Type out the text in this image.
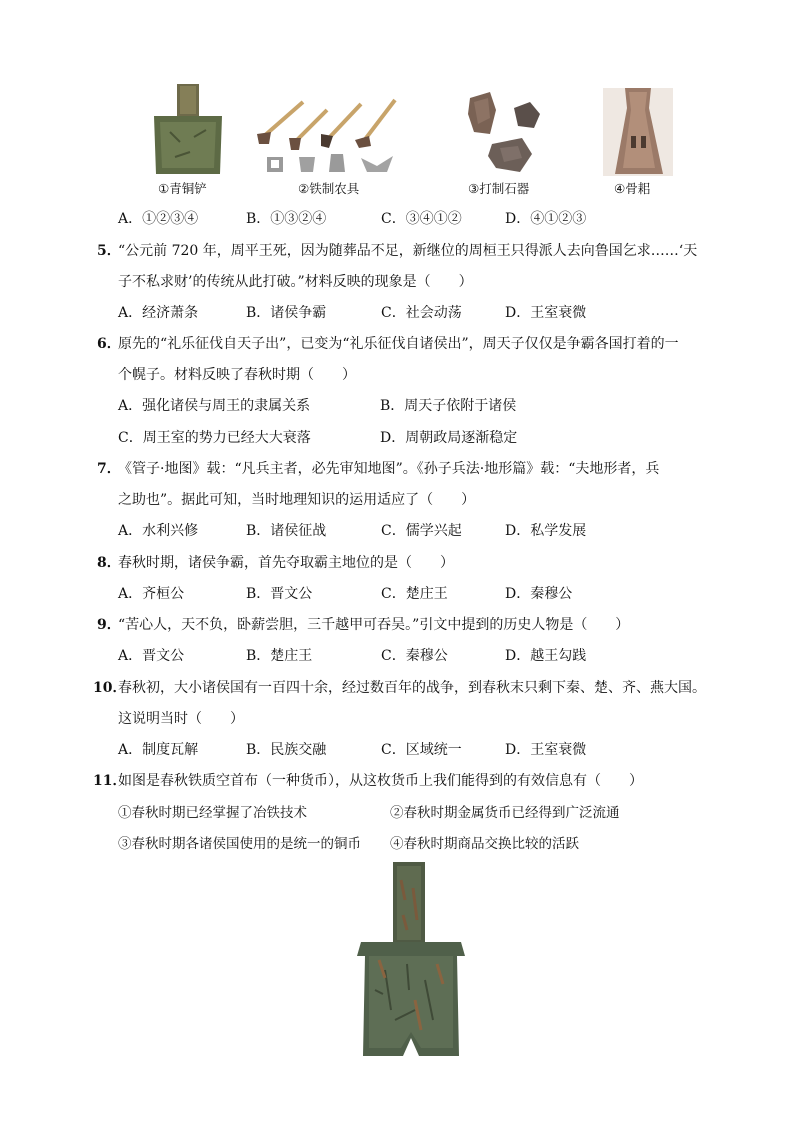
①青铜铲	②铁制农具	③打制石器	④骨耜
A．①②③④	B．①③②④	C．③④①②	D．④①②③
5．
“公元前 720 年，周平王死，因为随葬品不足，新继位的周桓王只得派人去向鲁国乞求……‘天
子不私求财’的传统从此打破。”材料反映的现象是（　　）
A．经济萧条	B．诸侯争霸	C．社会动荡	D．王室衰微
6．
原先的“礼乐征伐自天子出”，已变为“礼乐征伐自诸侯出”，周天子仅仅是争霸各国打着的一
个幌子。材料反映了春秋时期（　　）
A．强化诸侯与周王的隶属关系	B．周天子依附于诸侯
C．周王室的势力已经大大衰落	D．周朝政局逐渐稳定
7．
《管子·地图》载：“凡兵主者，必先审知地图”。《孙子兵法·地形篇》载：“夫地形者，兵
之助也”。据此可知，当时地理知识的运用适应了（　　）
A．水利兴修	B．诸侯征战	C．儒学兴起	D．私学发展
8．
春秋时期，诸侯争霸，首先夺取霸主地位的是（　　）
A．齐桓公	B．晋文公	C．楚庄王	D．秦穆公
9．
“苦心人，天不负，卧薪尝胆，三千越甲可吞吴。”引文中提到的历史人物是（　　）
A．晋文公	B．楚庄王	C．秦穆公	D．越王勾践
10．
春秋初，大小诸侯国有一百四十余，经过数百年的战争，到春秋末只剩下秦、楚、齐、燕大国。
这说明当时（　　）
A．制度瓦解	B．民族交融	C．区域统一	D．王室衰微
11．
如图是春秋铁质空首布（一种货币），从这枚货币上我们能得到的有效信息有（　　）
①春秋时期已经掌握了冶铁技术	②春秋时期金属货币已经得到广泛流通
③春秋时期各诸侯国使用的是统一的铜币 ④春秋时期商品交换比较的活跃
